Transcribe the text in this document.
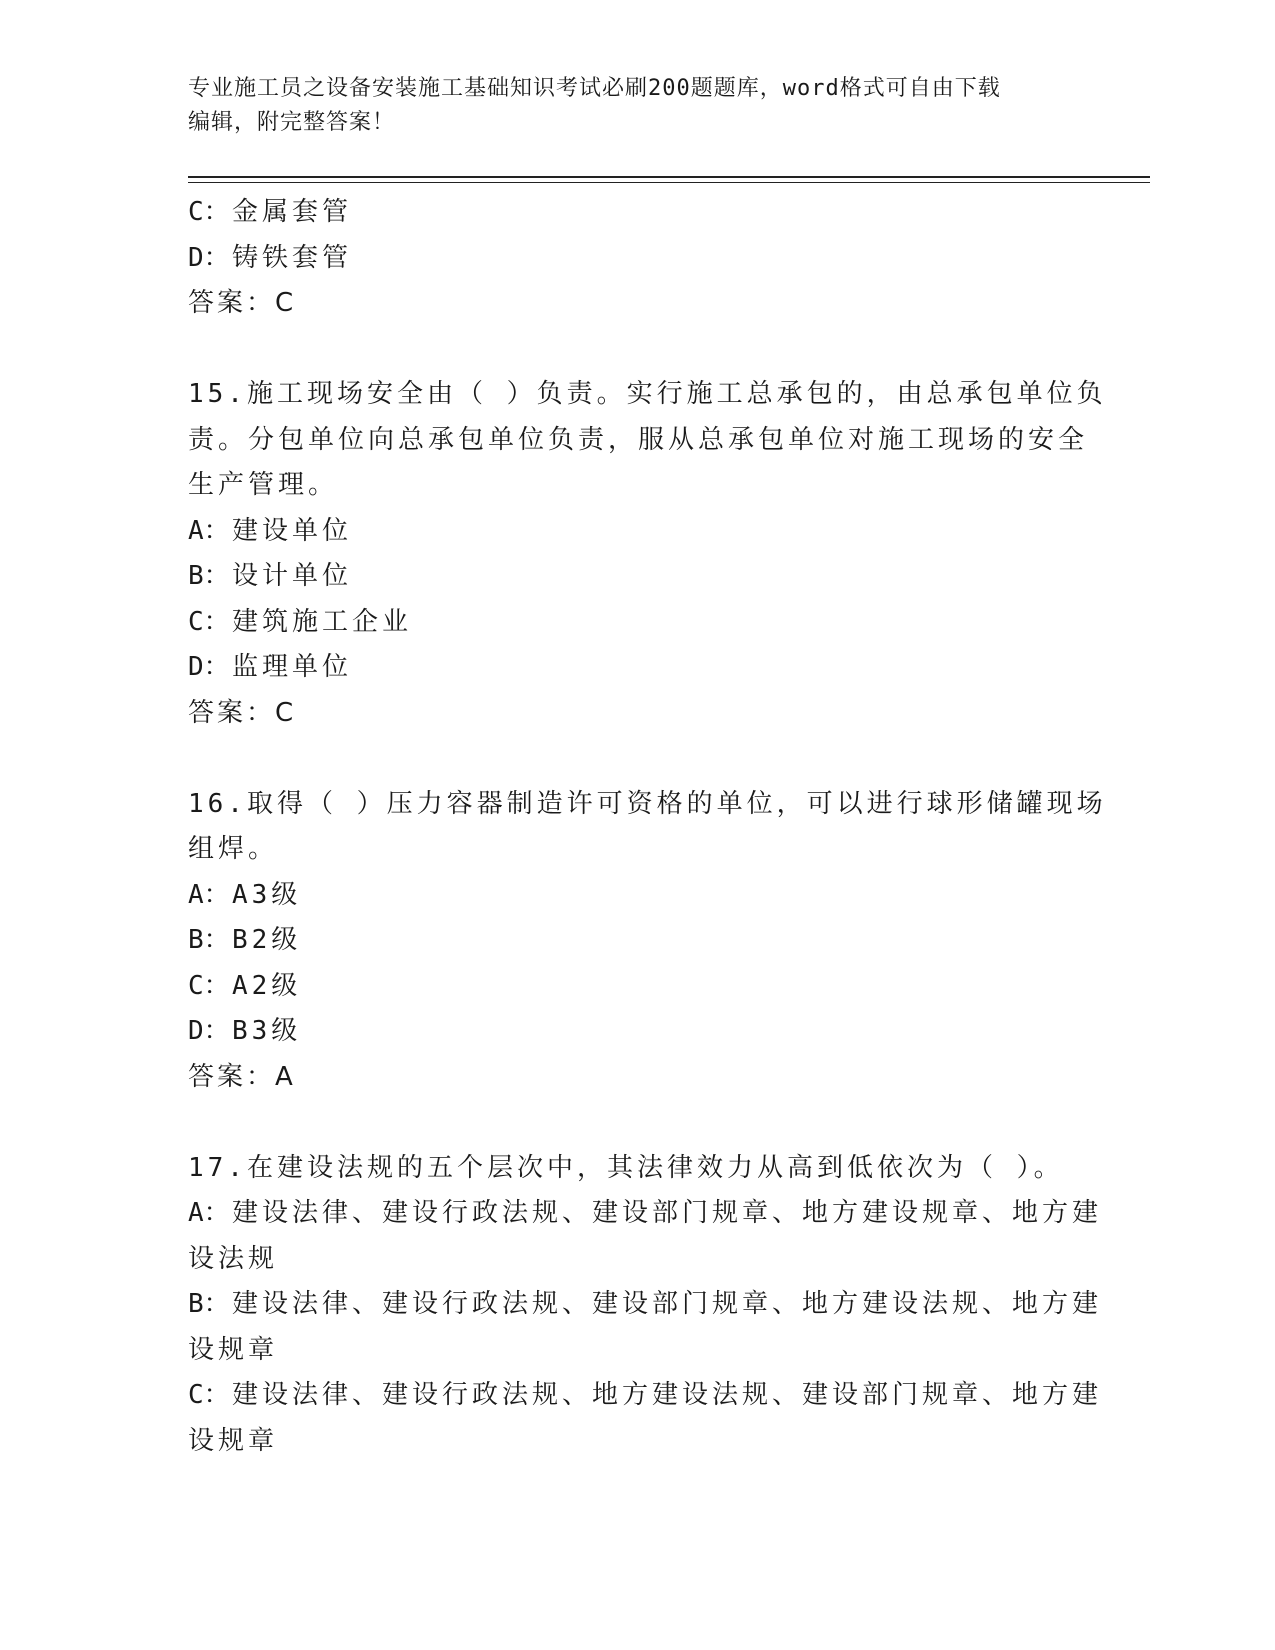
专业施工员之设备安装施工基础知识考试必刷200题题库，word格式可自由下载
编辑，附完整答案！
C：金属套管
D：铸铁套管
答案：C
15.施工现场安全由（ ）负责。实行施工总承包的，由总承包单位负
责。分包单位向总承包单位负责，服从总承包单位对施工现场的安全
生产管理。
A：建设单位
B：设计单位
C：建筑施工企业
D：监理单位
答案：C
16.取得（ ）压力容器制造许可资格的单位，可以进行球形储罐现场
组焊。
A：A3级
B：B2级
C：A2级
D：B3级
答案：A
17.在建设法规的五个层次中，其法律效力从高到低依次为（ ）。
A：建设法律、建设行政法规、建设部门规章、地方建设规章、地方建
设法规
B：建设法律、建设行政法规、建设部门规章、地方建设法规、地方建
设规章
C：建设法律、建设行政法规、地方建设法规、建设部门规章、地方建
设规章
